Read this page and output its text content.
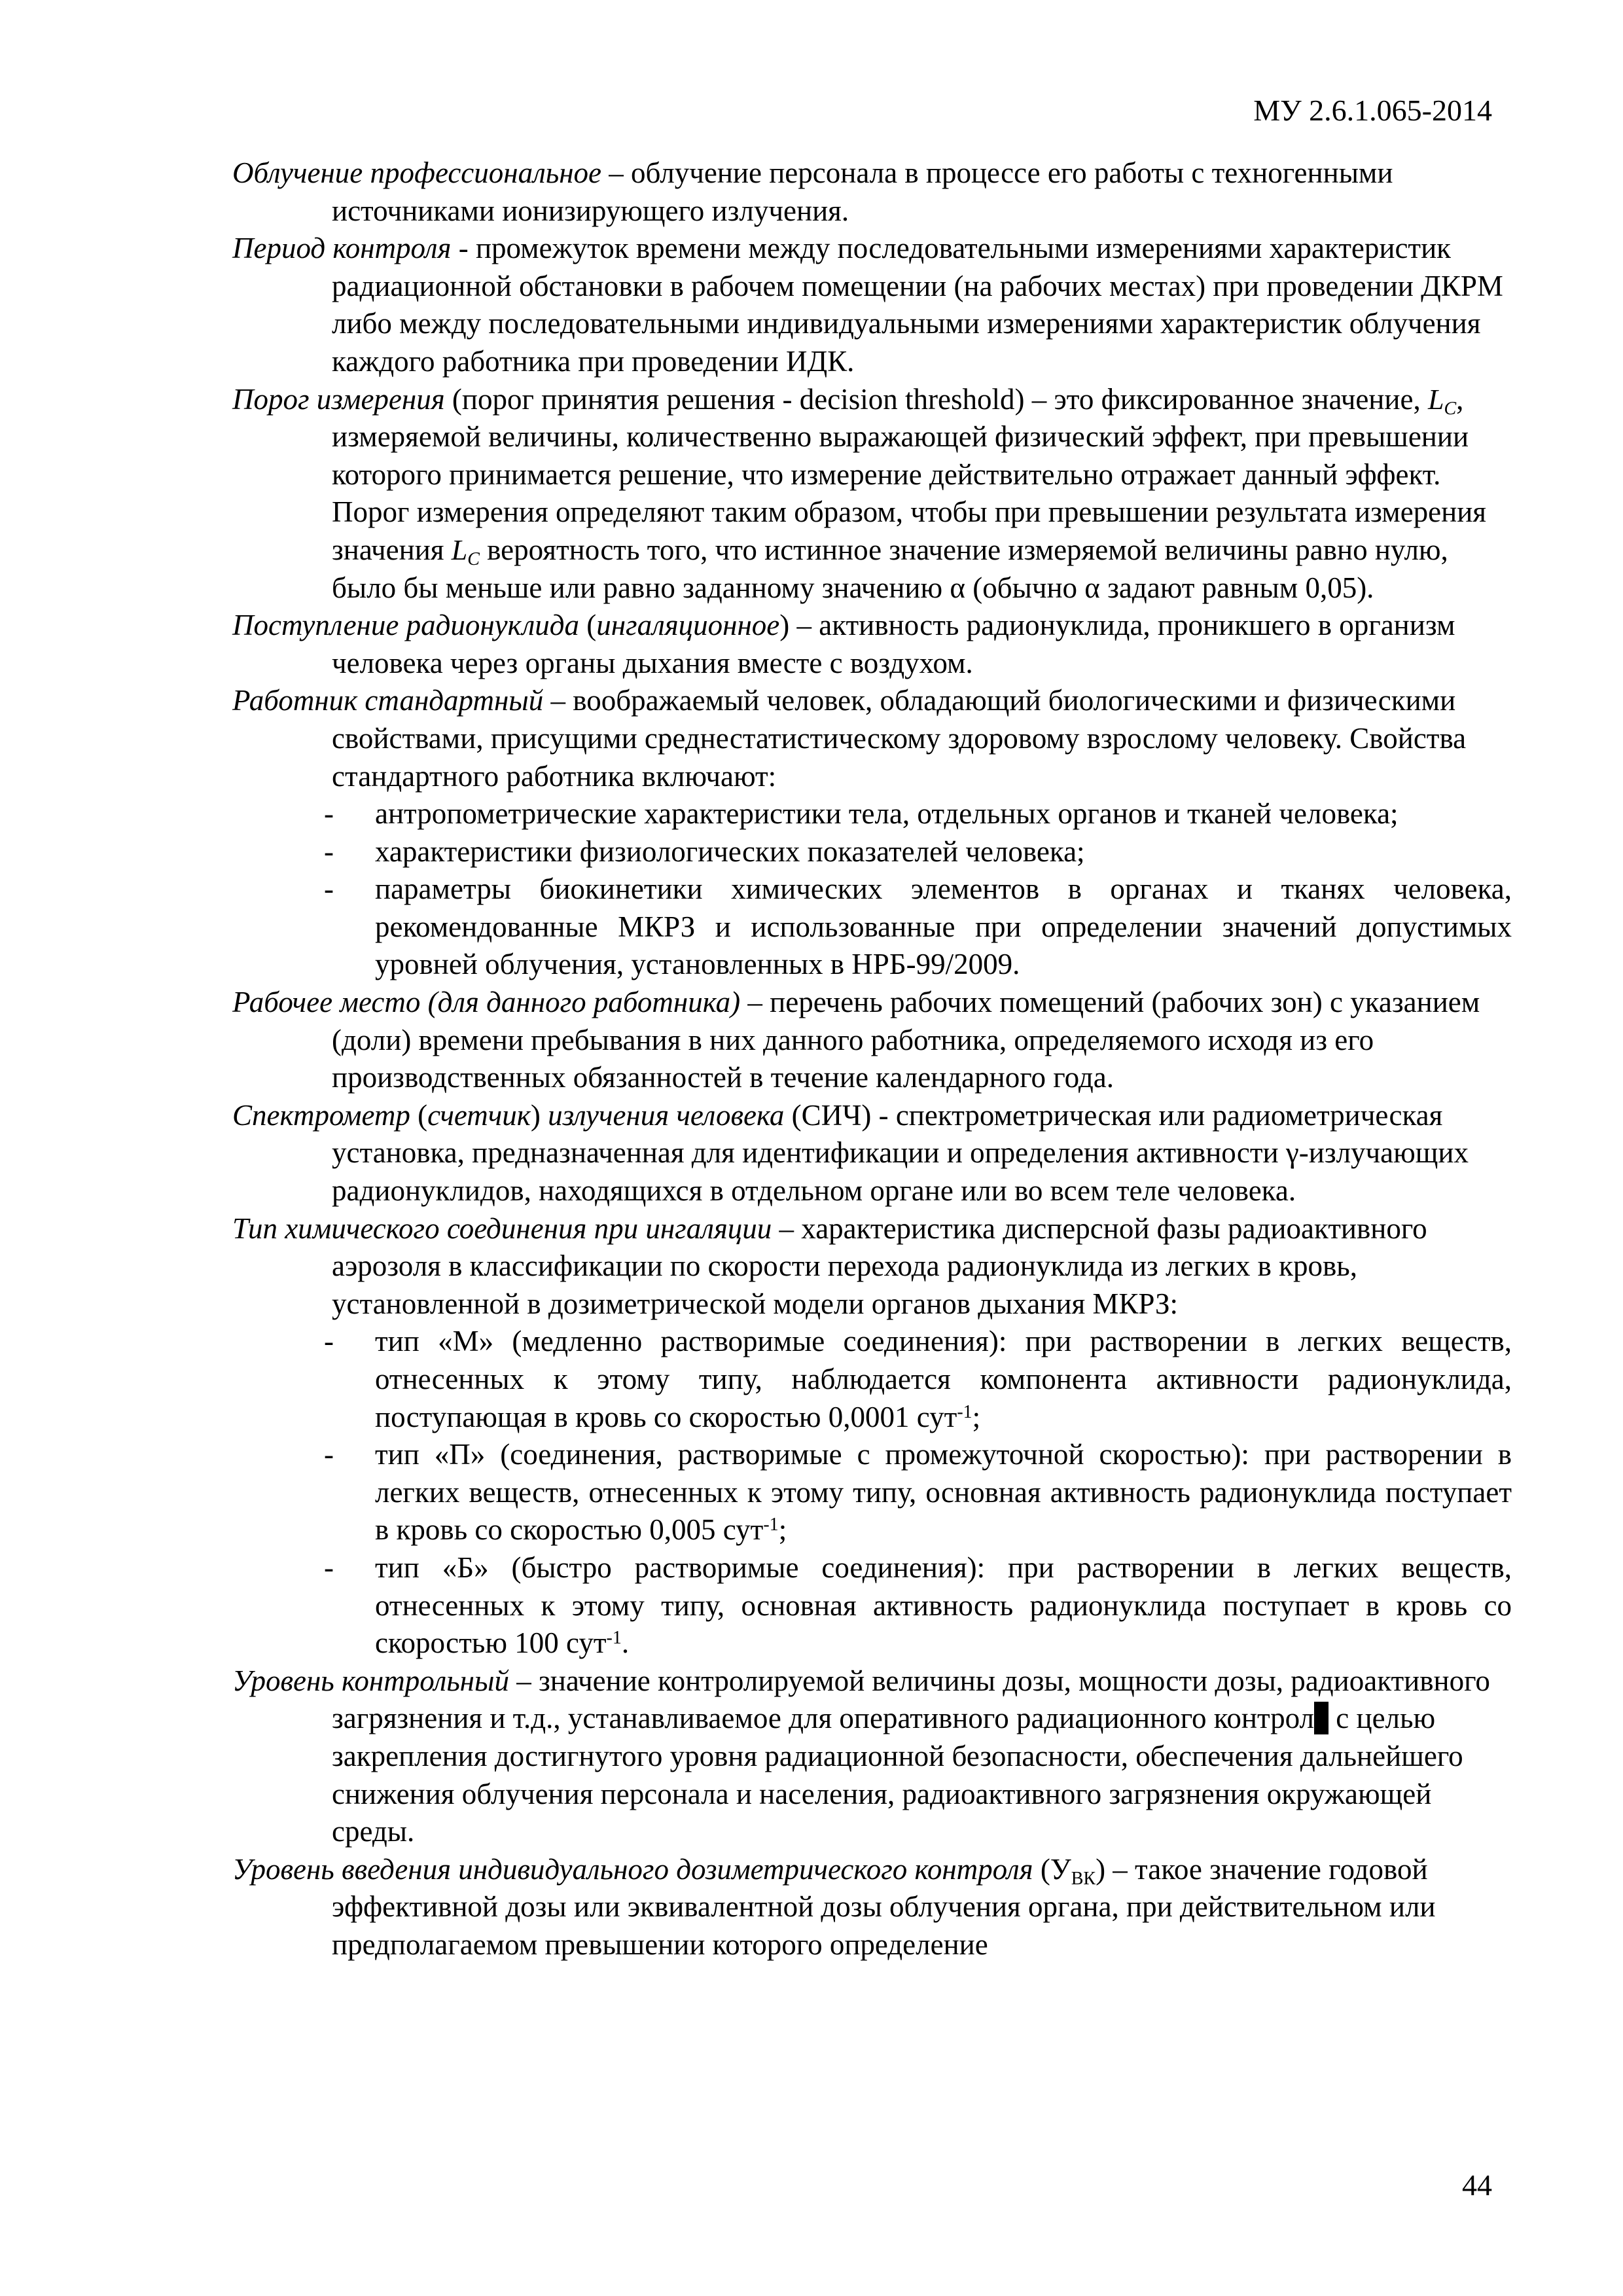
МУ 2.6.1.065-2014

Облучение профессиональное – облучение персонала в процессе его работы с техногенными источниками ионизирующего излучения.

Период контроля - промежуток времени между последовательными измерениями характеристик радиационной обстановки в рабочем помещении (на рабочих местах) при проведении ДКРМ либо между последовательными индивидуальными измерениями характеристик облучения каждого работника при проведении ИДК.

Порог измерения (порог принятия решения - decision threshold) – это фиксированное значение, $L_C$, измеряемой величины, количественно выражающей физический эффект, при превышении которого принимается решение, что измерение действительно отражает данный эффект. Порог измерения определяют таким образом, чтобы при превышении результата измерения значения $L_C$ вероятность того, что истинное значение измеряемой величины равно нулю, было бы меньше или равно заданному значению α (обычно α задают равным 0,05).

Поступление радионуклида (ингаляционное) – активность радионуклида, проникшего в организм человека через органы дыхания вместе с воздухом.

Работник стандартный – воображаемый человек, обладающий биологическими и физическими свойствами, присущими среднестатистическому здоровому взрослому человеку. Свойства стандартного работника включают:

- антропометрические характеристики тела, отдельных органов и тканей человека;

- характеристики физиологических показателей человека;

- параметры биокинетики химических элементов в органах и тканях человека, рекомендованные МКРЗ и использованные при определении значений допустимых уровней облучения, установленных в НРБ-99/2009.

Рабочее место (для данного работника) – перечень рабочих помещений (рабочих зон) с указанием (доли) времени пребывания в них данного работника, определяемого исходя из его производственных обязанностей в течение календарного года.

Спектрометр (счетчик) излучения человека (СИЧ) - спектрометрическая или радиометрическая установка, предназначенная для идентификации и определения активности γ-излучающих радионуклидов, находящихся в отдельном органе или во всем теле человека.

Тип химического соединения при ингаляции – характеристика дисперсной фазы радиоактивного аэрозоля в классификации по скорости перехода радионуклида из легких в кровь, установленной в дозиметрической модели органов дыхания МКРЗ:

- тип «М» (медленно растворимые соединения): при растворении в легких веществ, отнесенных к этому типу, наблюдается компонента активности радионуклида, поступающая в кровь со скоростью 0,0001 сут$^{-1}$;

- тип «П» (соединения, растворимые с промежуточной скоростью): при растворении в легких веществ, отнесенных к этому типу, основная активность радионуклида поступает в кровь со скоростью 0,005 сут$^{-1}$;

- тип «Б» (быстро растворимые соединения): при растворении в легких веществ, отнесенных к этому типу, основная активность радионуклида поступает в кровь со скоростью 100 сут$^{-1}$.

Уровень контрольный – значение контролируемой величины дозы, мощности дозы, радиоактивного загрязнения и т.д., устанавливаемое для оперативного радиационного контрол с целью закрепления достигнутого уровня радиационной безопасности, обеспечения дальнейшего снижения облучения персонала и населения, радиоактивного загрязнения окружающей среды.

Уровень введения индивидуального дозиметрического контроля $(У_{ВК})$ – такое значение годовой эффективной дозы или эквивалентной дозы облучения органа, при действительном или предполагаемом превышении которого определение

44
